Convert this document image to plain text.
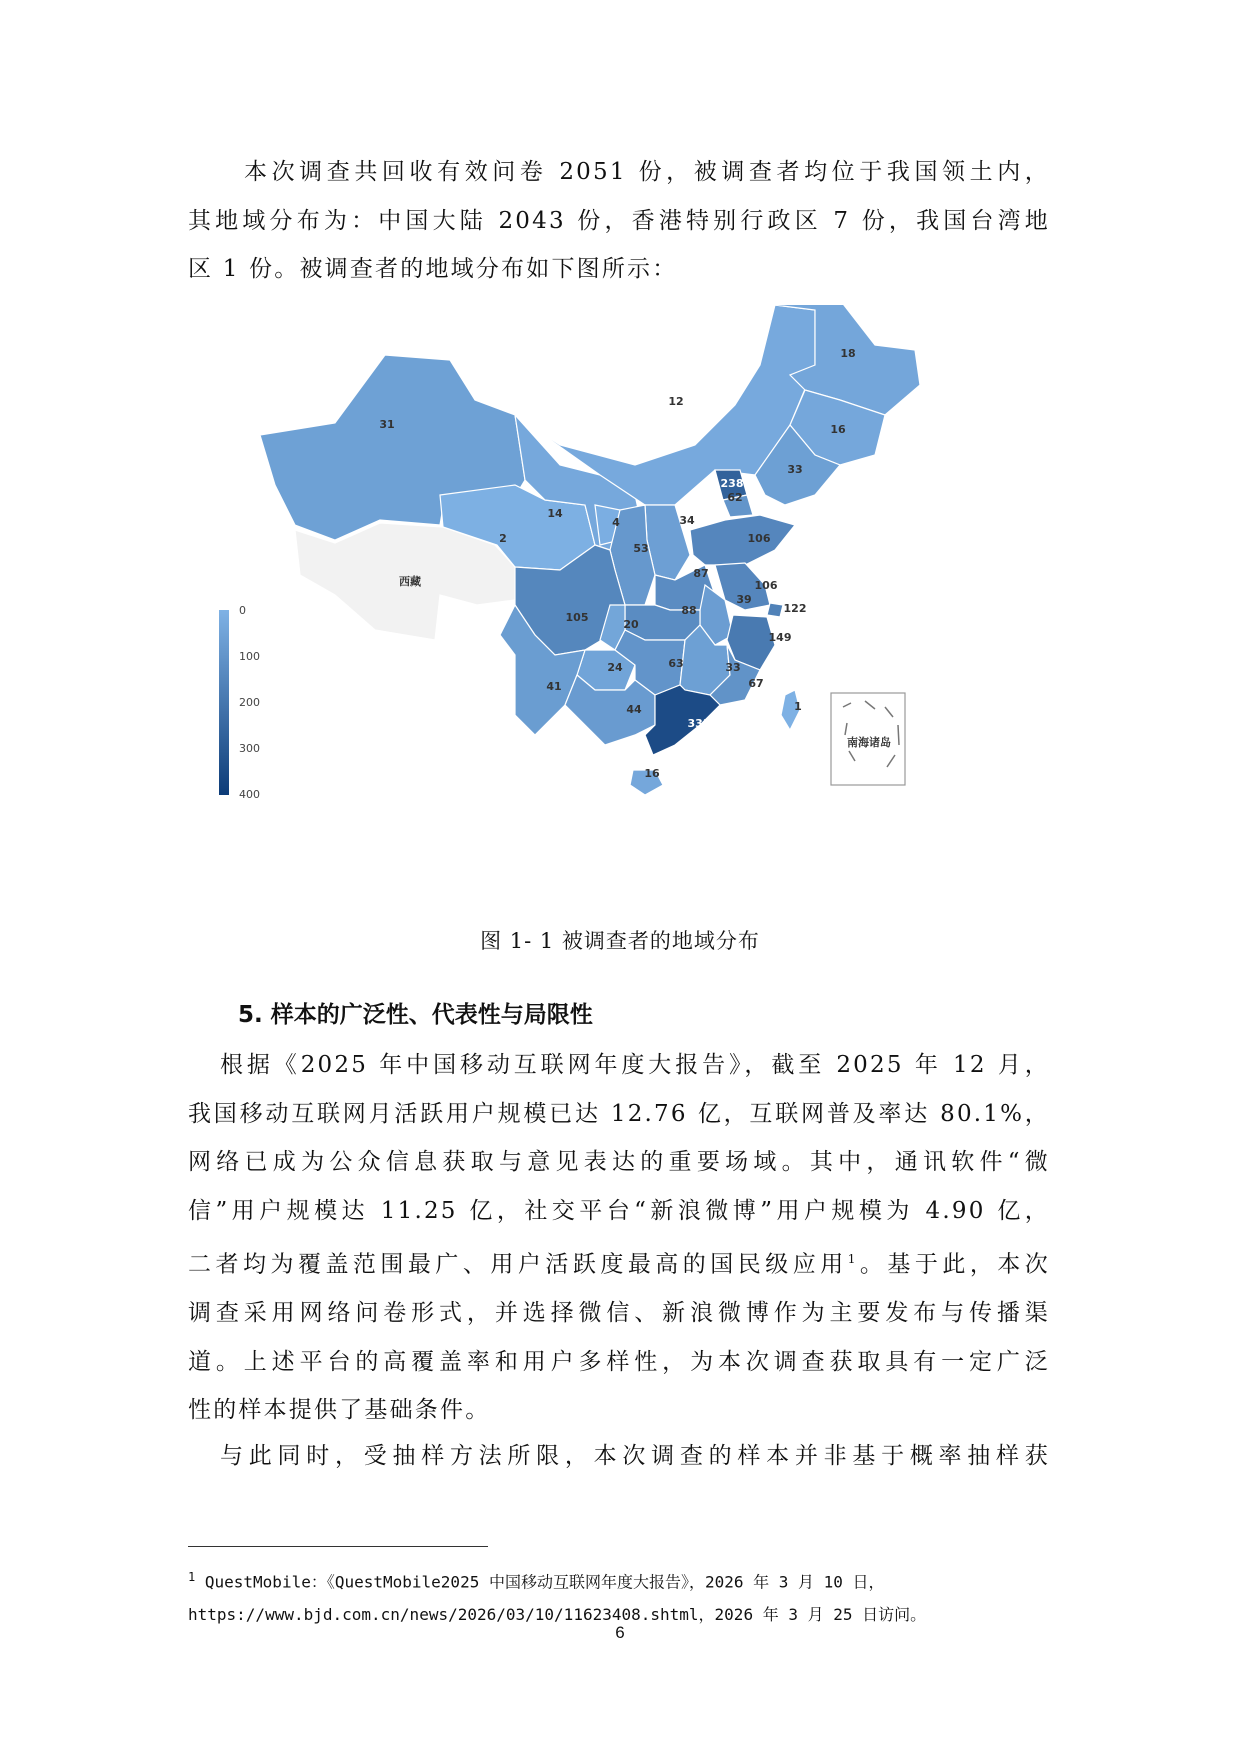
本次调查共回收有效问卷 2051 份，被调查者均位于我国领土内，
其地域分布为：中国大陆 2043 份，香港特别行政区 7 份，我国台湾地
区 1 份。被调查者的地域分布如下图所示：
31
西藏
2
14
12
18
16
33
238
62
4	34
53
106
87
106
39
122
88
149
105
20
24	63	33
67
41
44
333
16
1
0
100
200
300
400
南海诸岛
图 1- 1 被调查者的地域分布
5. 样本的广泛性、代表性与局限性
根据《2025 年中国移动互联网年度大报告》，截至 2025 年 12 月，
我国移动互联网月活跃用户规模已达 12.76 亿，互联网普及率达 80.1%，
网络已成为公众信息获取与意见表达的重要场域。其中，通讯软件“微
信”用户规模达 11.25 亿，社交平台“新浪微博”用户规模为 4.90 亿，
二者均为覆盖范围最广、用户活跃度最高的国民级应用$^1$。基于此，本次
调查采用网络问卷形式，并选择微信、新浪微博作为主要发布与传播渠
道。上述平台的高覆盖率和用户多样性，为本次调查获取具有一定广泛
性的样本提供了基础条件。
与此同时，受抽样方法所限，本次调查的样本并非基于概率抽样获
$^1$ QuestMobile：《QuestMobile2025 中国移动互联网年度大报告》，2026 年 3 月 10 日，
https://www.bjd.com.cn/news/2026/03/10/11623408.shtml，2026 年 3 月 25 日访问。
6
